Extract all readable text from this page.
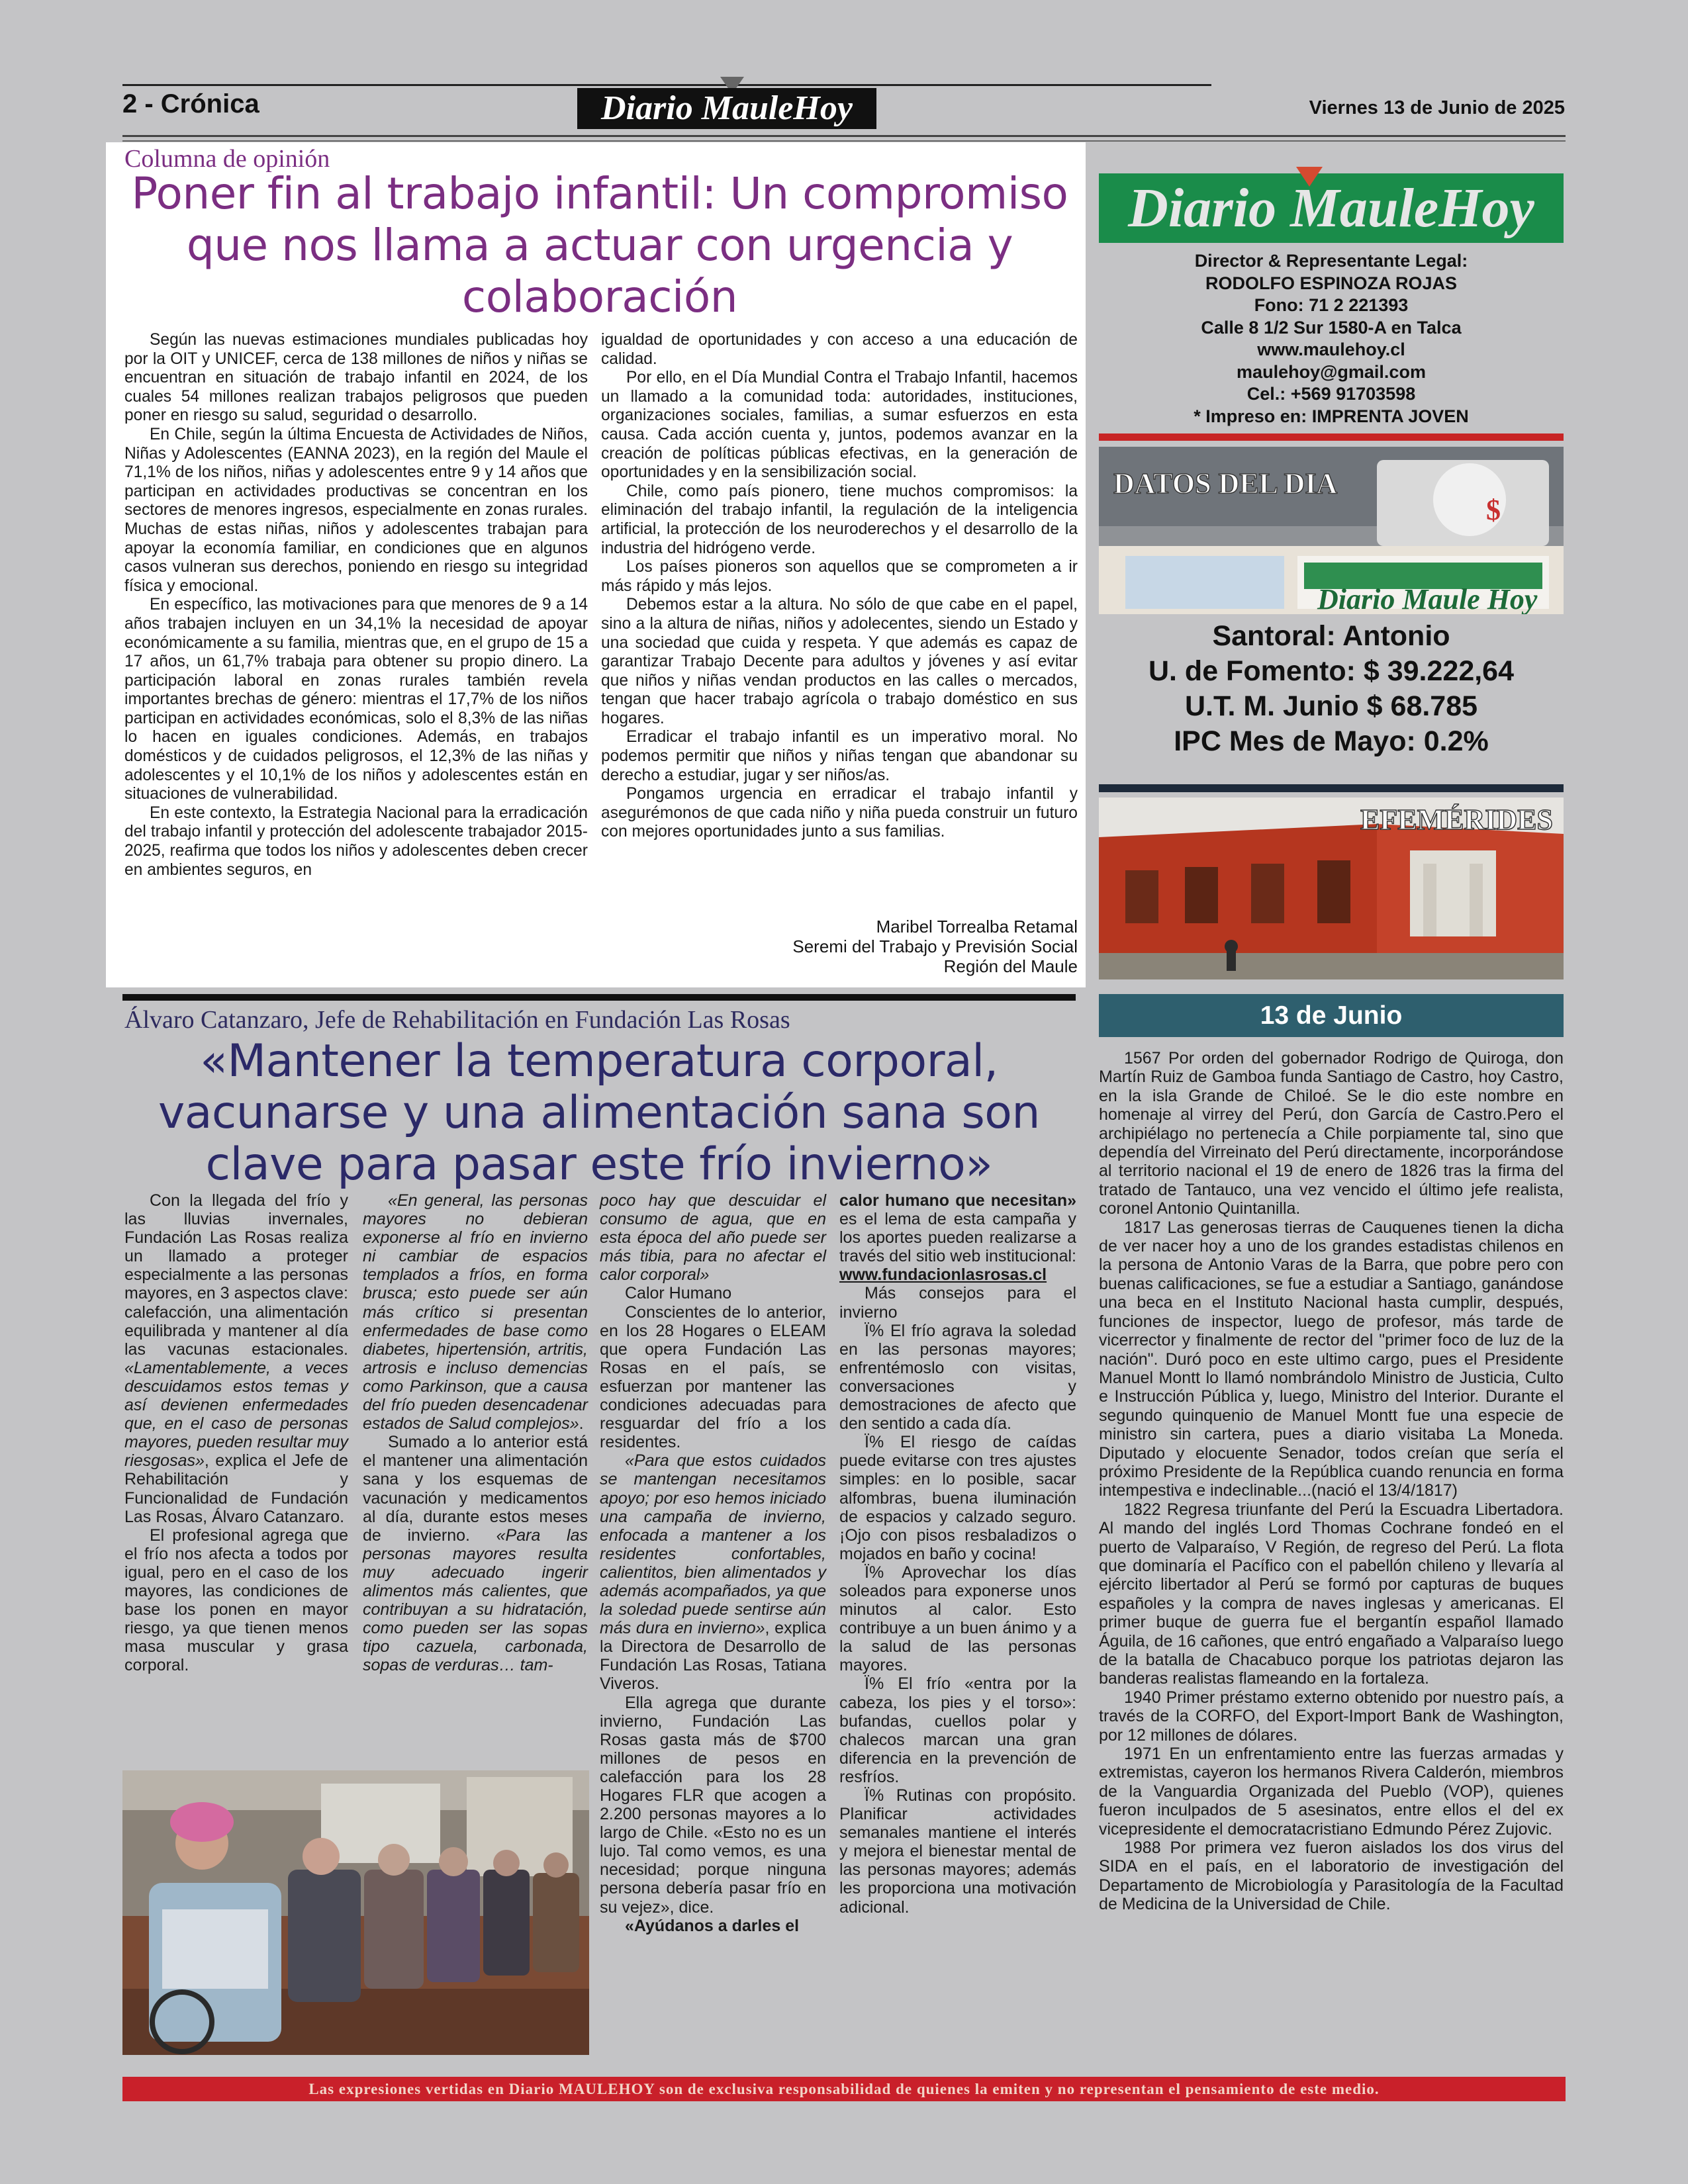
2 - Crónica	Diario MauleHoy	Viernes 13 de Junio de 2025
Columna de opinión
Poner fin al trabajo infantil: Un compromiso que nos llama a actuar con urgencia y colaboración

Según las nuevas estimaciones mundiales publicadas hoy por la OIT y UNICEF, cerca de 138 millones de niños y niñas se encuentran en situación de trabajo infantil en 2024, de los cuales 54 millones realizan trabajos peligrosos que pueden poner en riesgo su salud, seguridad o desarrollo.

En Chile, según la última Encuesta de Actividades de Niños, Niñas y Adolescentes (EANNA 2023), en la región del Maule el 71,1% de los niños, niñas y adolescentes entre 9 y 14 años que participan en actividades productivas se concentran en los sectores de menores ingresos, especialmente en zonas rurales. Muchas de estas niñas, niños y adolescentes trabajan para apoyar la economía familiar, en condiciones que en algunos casos vulneran sus derechos, poniendo en riesgo su integridad física y emocional.

En específico, las motivaciones para que menores de 9 a 14 años trabajen incluyen en un 34,1% la necesidad de apoyar económicamente a su familia, mientras que, en el grupo de 15 a 17 años, un 61,7% trabaja para obtener su propio dinero. La participación laboral en zonas rurales también revela importantes brechas de género: mientras el 17,7% de los niños participan en actividades económicas, solo el 8,3% de las niñas lo hacen en iguales condiciones. Además, en trabajos domésticos y de cuidados peligrosos, el 12,3% de las niñas y adolescentes y el 10,1% de los niños y adolescentes están en situaciones de vulnerabilidad.

En este contexto, la Estrategia Nacional para la erradicación del trabajo infantil y protección del adolescente trabajador 2015-2025, reafirma que todos los niños y adolescentes deben crecer en ambientes seguros, en

igualdad de oportunidades y con acceso a una educación de calidad.

Por ello, en el Día Mundial Contra el Trabajo Infantil, hacemos un llamado a la comunidad toda: autoridades, instituciones, organizaciones sociales, familias, a sumar esfuerzos en esta causa. Cada acción cuenta y, juntos, podemos avanzar en la creación de políticas públicas efectivas, en la generación de oportunidades y en la sensibilización social.

Chile, como país pionero, tiene muchos compromisos: la eliminación del trabajo infantil, la regulación de la inteligencia artificial, la protección de los neuroderechos y el desarrollo de la industria del hidrógeno verde.

Los países pioneros son aquellos que se comprometen a ir más rápido y más lejos.

Debemos estar a la altura. No sólo de que cabe en el papel, sino a la altura de niñas, niños y adolecentes, siendo un Estado y una sociedad que cuida y respeta. Y que además es capaz de garantizar Trabajo Decente para adultos y jóvenes y así evitar que niños y niñas vendan productos en las calles o mercados, tengan que hacer trabajo agrícola o trabajo doméstico en sus hogares.

Erradicar el trabajo infantil es un imperativo moral. No podemos permitir que niños y niñas tengan que abandonar su derecho a estudiar, jugar y ser niños/as.

Pongamos urgencia en erradicar el trabajo infantil y asegurémonos de que cada niño y niña pueda construir un futuro con mejores oportunidades junto a sus familias.

Maribel Torrealba Retamal
Seremi del Trabajo y Previsión Social
Región del Maule
Álvaro Catanzaro, Jefe de Rehabilitación en Fundación Las Rosas
«Mantener la temperatura corporal, vacunarse y una alimentación sana son clave para pasar este frío invierno»

Con la llegada del frío y las lluvias invernales, Fundación Las Rosas realiza un llamado a proteger especialmente a las personas mayores, en 3 aspectos clave: calefacción, una alimentación equilibrada y mantener al día las vacunas estacionales. «Lamentablemente, a veces descuidamos estos temas y así devienen enfermedades que, en el caso de personas mayores, pueden resultar muy riesgosas», explica el Jefe de Rehabilitación y Funcionalidad de Fundación Las Rosas, Álvaro Catanzaro.

El profesional agrega que el frío nos afecta a todos por igual, pero en el caso de los mayores, las condiciones de base los ponen en mayor riesgo, ya que tienen menos masa muscular y grasa corporal.

«En general, las personas mayores no debieran exponerse al frío en invierno ni cambiar de espacios templados a fríos, en forma brusca; esto puede ser aún más crítico si presentan enfermedades de base como diabetes, hipertensión, artritis, artrosis e incluso demencias como Parkinson, que a causa del frío pueden desencadenar estados de Salud complejos».

Sumado a lo anterior está el mantener una alimentación sana y los esquemas de vacunación y medicamentos al día, durante estos meses de invierno. «Para las personas mayores resulta muy adecuado ingerir alimentos más calientes, que contribuyan a su hidratación, como pueden ser las sopas tipo cazuela, carbonada, sopas de verduras… tam-

poco hay que descuidar el consumo de agua, que en esta época del año puede ser más tibia, para no afectar el calor corporal»

Calor Humano

Conscientes de lo anterior, en los 28 Hogares o ELEAM que opera Fundación Las Rosas en el país, se esfuerzan por mantener las condiciones adecuadas para resguardar del frío a los residentes.

«Para que estos cuidados se mantengan necesitamos apoyo; por eso hemos iniciado una campaña de invierno, enfocada a mantener a los residentes confortables, calientitos, bien alimentados y además acompañados, ya que la soledad puede sentirse aún más dura en invierno», explica la Directora de Desarrollo de Fundación Las Rosas, Tatiana Viveros.

Ella agrega que durante invierno, Fundación Las Rosas gasta más de $700 millones de pesos en calefacción para los 28 Hogares FLR que acogen a 2.200 personas mayores a lo largo de Chile. «Esto no es un lujo. Tal como vemos, es una necesidad; porque ninguna persona debería pasar frío en su vejez», dice.

«Ayúdanos a darles el

calor humano que necesitan» es el lema de esta campaña y los aportes pueden realizarse a través del sitio web institucional: www.fundacionlasrosas.cl

Más consejos para el invierno

Ï% El frío agrava la soledad en las personas mayores; enfrentémoslo con visitas, conversaciones y demostraciones de afecto que den sentido a cada día.

Ï% El riesgo de caídas puede evitarse con tres ajustes simples: en lo posible, sacar alfombras, buena iluminación de espacios y calzado seguro. ¡Ojo con pisos resbaladizos o mojados en baño y cocina!

Ï% Aprovechar los días soleados para exponerse unos minutos al calor. Esto contribuye a un buen ánimo y a la salud de las personas mayores.

Ï% El frío «entra por la cabeza, los pies y el torso»: bufandas, cuellos polar y chalecos marcan una gran diferencia en la prevención de resfríos.

Ï% Rutinas con propósito. Planificar actividades semanales mantiene el interés y mejora el bienestar mental de las personas mayores; además les proporciona una motivación adicional.

Diario MauleHoy
Director & Representante Legal:
RODOLFO ESPINOZA ROJAS
Fono: 71 2 221393
Calle 8 1/2 Sur 1580-A en Talca
www.maulehoy.cl
maulehoy@gmail.com
Cel.: +569 91703598
* Impreso en: IMPRENTA JOVEN
$
Diario Maule Hoy
DATOS DEL DIA
Santoral: Antonio
U. de Fomento: $ 39.222,64
U.T. M. Junio $ 68.785
IPC Mes de Mayo: 0.2%
EFEMÉRIDES
13 de Junio

1567 Por orden del gobernador Rodrigo de Quiroga, don Martín Ruiz de Gamboa funda Santiago de Castro, hoy Castro, en la isla Grande de Chiloé. Se le dio este nombre en homenaje al virrey del Perú, don García de Castro.Pero el archipiélago no pertenecía a Chile porpiamente tal, sino que dependía del Virreinato del Perú directamente, incorporándose al territorio nacional el 19 de enero de 1826 tras la firma del tratado de Tantauco, una vez vencido el último jefe realista, coronel Antonio Quintanilla.

1817 Las generosas tierras de Cauquenes tienen la dicha de ver nacer hoy a uno de los grandes estadistas chilenos en la persona de Antonio Varas de la Barra, que pobre pero con buenas calificaciones, se fue a estudiar a Santiago, ganándose una beca en el Instituto Nacional hasta cumplir, después, funciones de inspector, luego de profesor, más tarde de vicerrector y finalmente de rector del "primer foco de luz de la nación". Duró poco en este ultimo cargo, pues el Presidente Manuel Montt lo llamó nombrándolo Ministro de Justicia, Culto e Instrucción Pública y, luego, Ministro del Interior. Durante el segundo quinquenio de Manuel Montt fue una especie de ministro sin cartera, pues a diario visitaba La Moneda. Diputado y elocuente Senador, todos creían que sería el próximo Presidente de la República cuando renuncia en forma intempestiva e indeclinable...(nació el 13/4/1817)

1822 Regresa triunfante del Perú la Escuadra Libertadora. Al mando del inglés Lord Thomas Cochrane fondeó en el puerto de Valparaíso, V Región, de regreso del Perú. La flota que dominaría el Pacífico con el pabellón chileno y llevaría al ejército libertador al Perú se formó por capturas de buques españoles y la compra de naves inglesas y americanas. El primer buque de guerra fue el bergantín español llamado Águila, de 16 cañones, que entró engañado a Valparaíso luego de la batalla de Chacabuco porque los patriotas dejaron las banderas realistas flameando en la fortaleza.

1940 Primer préstamo externo obtenido por nuestro país, a través de la CORFO, del Export-Import Bank de Washington, por 12 millones de dólares.

1971 En un enfrentamiento entre las fuerzas armadas y extremistas, cayeron los hermanos Rivera Calderón, miembros de la Vanguardia Organizada del Pueblo (VOP), quienes fueron inculpados de 5 asesinatos, entre ellos el del ex vicepresidente el democratacristiano Edmundo Pérez Zujovic.

1988 Por primera vez fueron aislados los dos virus del SIDA en el país, en el laboratorio de investigación del Departamento de Microbiología y Parasitología de la Facultad de Medicina de la Universidad de Chile.

Las expresiones vertidas en Diario MAULEHOY son de exclusiva responsabilidad de quienes la emiten y no representan el pensamiento de este medio.
